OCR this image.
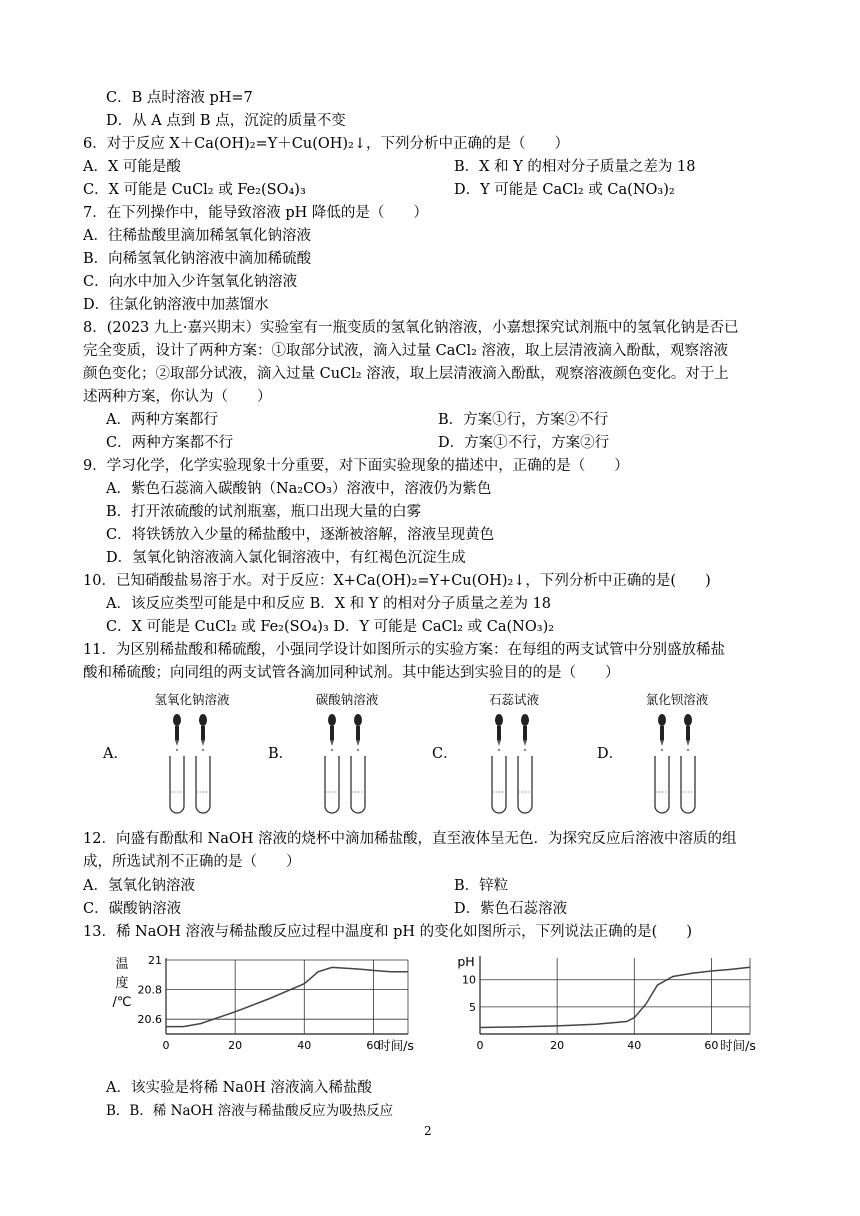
C．B 点时溶液 pH=7
D．从 A 点到 B 点，沉淀的质量不变
6．对于反应 X＋Ca(OH)₂=Y＋Cu(OH)₂↓，下列分析中正确的是（　　）
A．X 可能是酸	B．X 和 Y 的相对分子质量之差为 18
C．X 可能是 CuCl₂ 或 Fe₂(SO₄)₃	D．Y 可能是 CaCl₂ 或 Ca(NO₃)₂
7．在下列操作中，能导致溶液 pH 降低的是（　　）
A．往稀盐酸里滴加稀氢氧化钠溶液
B．向稀氢氧化钠溶液中滴加稀硫酸
C．向水中加入少许氢氧化钠溶液
D．往氯化钠溶液中加蒸馏水
8．(2023 九上·嘉兴期末）实验室有一瓶变质的氢氧化钠溶液，小嘉想探究试剂瓶中的氢氧化钠是否已
完全变质，设计了两种方案：①取部分试液，滴入过量 CaCl₂ 溶液，取上层清液滴入酚酞，观察溶液
颜色变化；②取部分试液，滴入过量 CuCl₂ 溶液，取上层清液滴入酚酞，观察溶液颜色变化。对于上
述两种方案，你认为（　　）
A．两种方案都行	B．方案①行，方案②不行
C．两种方案都不行	D．方案①不行，方案②行
9．学习化学，化学实验现象十分重要，对下面实验现象的描述中，正确的是（　　）
A．紫色石蕊滴入碳酸钠（Na₂CO₃）溶液中，溶液仍为紫色
B．打开浓硫酸的试剂瓶塞，瓶口出现大量的白雾
C．将铁锈放入少量的稀盐酸中，逐渐被溶解，溶液呈现黄色
D．氢氧化钠溶液滴入氯化铜溶液中，有红褐色沉淀生成
10．已知硝酸盐易溶于水。对于反应：X+Ca(OH)₂=Y+Cu(OH)₂↓，下列分析中正确的是(　　)
A．该反应类型可能是中和反应 B．X 和 Y 的相对分子质量之差为 18
C．X 可能是 CuCl₂ 或 Fe₂(SO₄)₃ D．Y 可能是 CaCl₂ 或 Ca(NO₃)₂
11．为区别稀盐酸和稀硫酸，小强同学设计如图所示的实验方案：在每组的两支试管中分别盛放稀盐
酸和稀硫酸；向同组的两支试管各滴加同种试剂。其中能达到实验目的的是（　　）
A．
氢氧化钠溶液
B．
碳酸钠溶液
C．
石蕊试液
D．
氯化钡溶液
12．向盛有酚酞和 NaOH 溶液的烧杯中滴加稀盐酸，直至液体呈无色．为探究反应后溶液中溶质的组
成，所选试剂不正确的是（　　）
A．氢氧化钠溶液	B．锌粒
C．碳酸钠溶液	D．紫色石蕊溶液
13．稀 NaOH 溶液与稀盐酸反应过程中温度和 pH 的变化如图所示，下列说法正确的是(　　)
20.6
20.8
21
0	20	40	60
时间/s
温
度
/℃	5
10
0	20	40	60 时间/s
pH
A．该实验是将稀 Na0H 溶液滴入稀盐酸
B．B．稀 NaOH 溶液与稀盐酸反应为吸热反应
2
